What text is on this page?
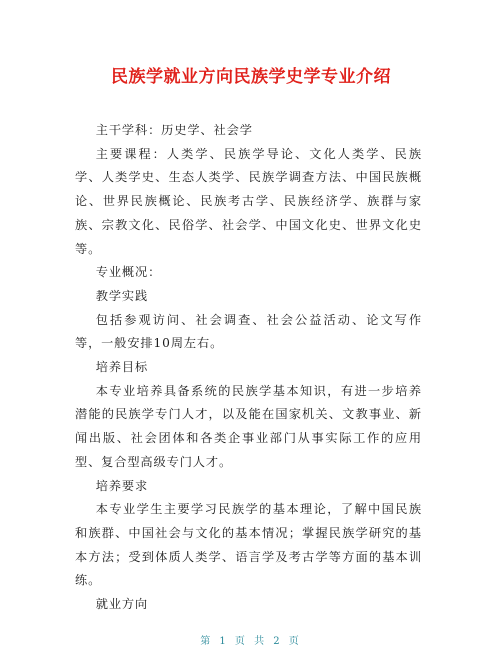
民族学就业方向民族学史学专业介绍

主干学科：历史学、社会学

主要课程：人类学、民族学导论、文化人类学、民族学、人类学史、生态人类学、民族学调查方法、中国民族概论、世界民族概论、民族考古学、民族经济学、族群与家族、宗教文化、民俗学、社会学、中国文化史、世界文化史等。

专业概况：

教学实践

包括参观访问、社会调查、社会公益活动、论文写作等，一般安排10周左右。

培养目标

本专业培养具备系统的民族学基本知识，有进一步培养潜能的民族学专门人才，以及能在国家机关、文教事业、新闻出版、社会团体和各类企事业部门从事实际工作的应用型、复合型高级专门人才。

培养要求

本专业学生主要学习民族学的基本理论，了解中国民族和族群、中国社会与文化的基本情况；掌握民族学研究的基本方法；受到体质人类学、语言学及考古学等方面的基本训练。

就业方向

第 1 页 共 2 页
